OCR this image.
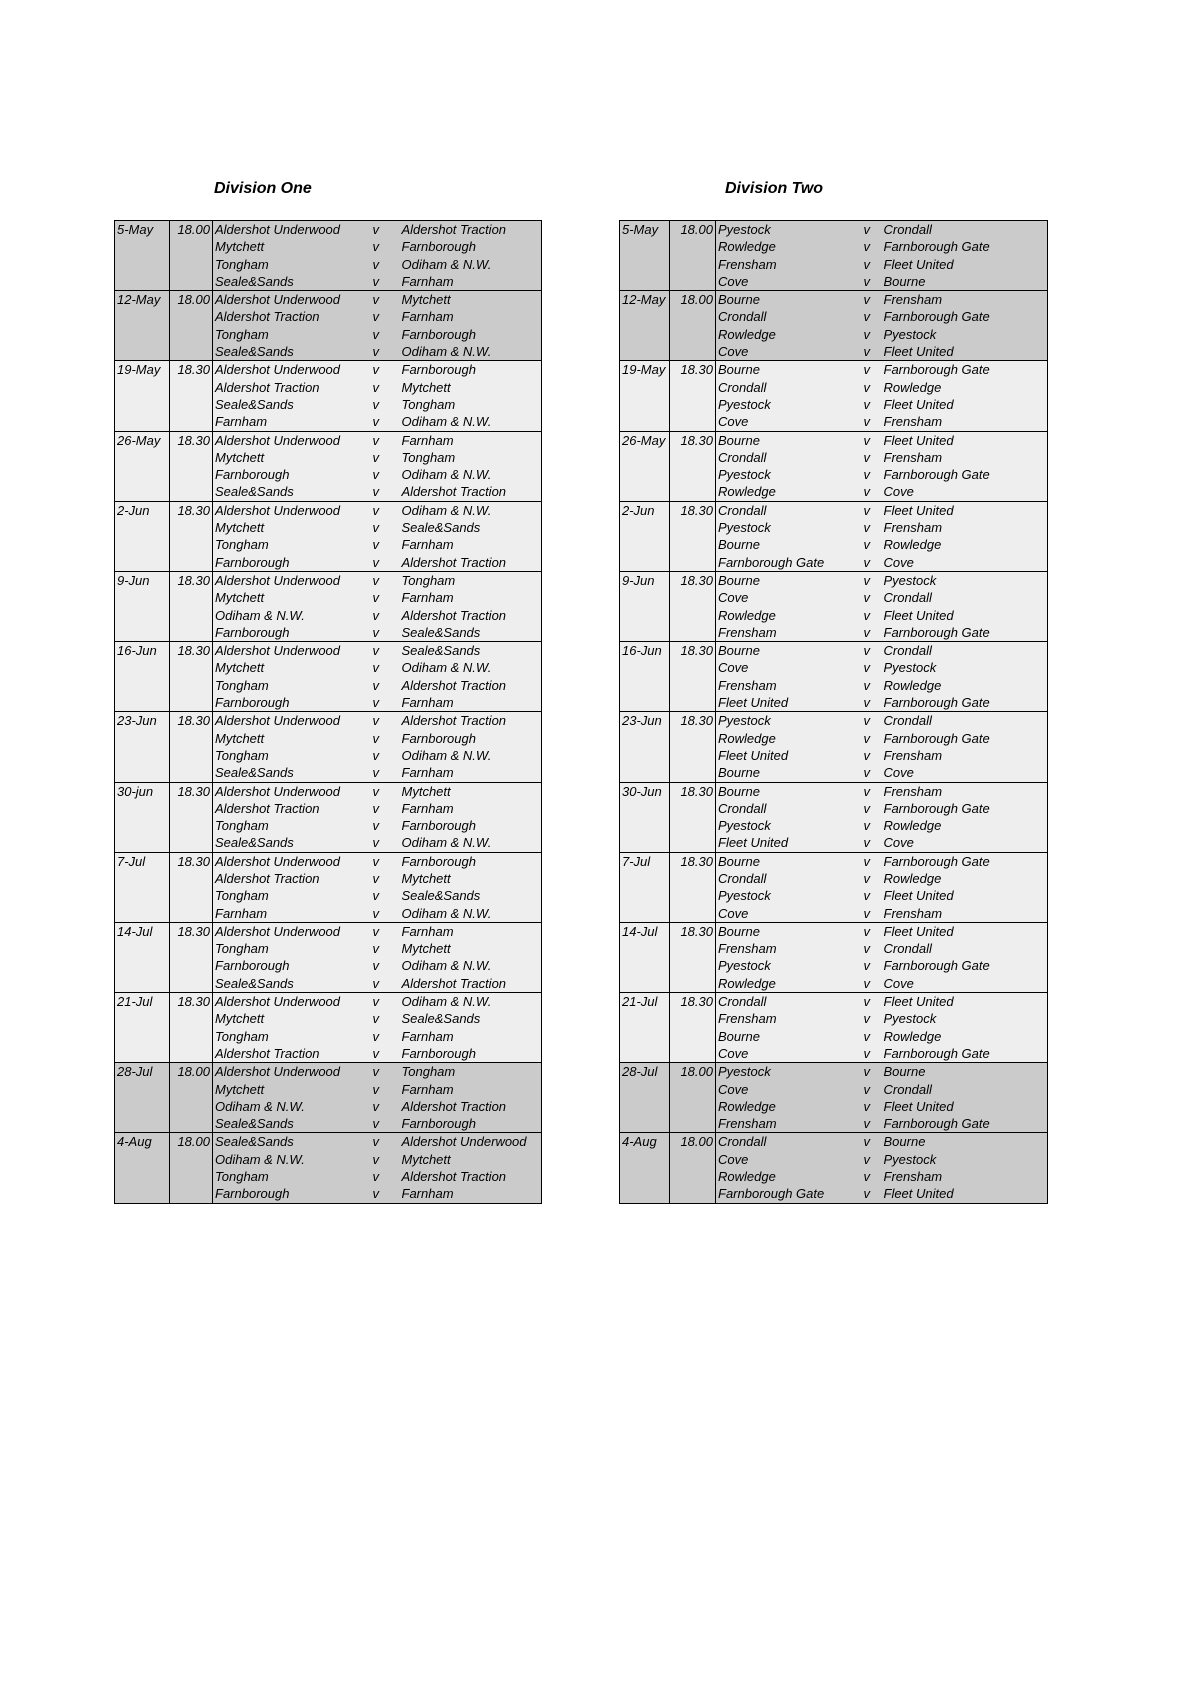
Division One
5-May	18.00	Aldershot Underwood	v	Aldershot Traction
		Mytchett	v	Farnborough
		Tongham	v	Odiham & N.W.
		Seale&Sands	v	Farnham
12-May	18.00	Aldershot Underwood	v	Mytchett
		Aldershot Traction	v	Farnham
		Tongham	v	Farnborough
		Seale&Sands	v	Odiham & N.W.
19-May	18.30	Aldershot Underwood	v	Farnborough
		Aldershot Traction	v	Mytchett
		Seale&Sands	v	Tongham
		Farnham	v	Odiham & N.W.
26-May	18.30	Aldershot Underwood	v	Farnham
		Mytchett	v	Tongham
		Farnborough	v	Odiham & N.W.
		Seale&Sands	v	Aldershot Traction
2-Jun	18.30	Aldershot Underwood	v	Odiham & N.W.
		Mytchett	v	Seale&Sands
		Tongham	v	Farnham
		Farnborough	v	Aldershot Traction
9-Jun	18.30	Aldershot Underwood	v	Tongham
		Mytchett	v	Farnham
		Odiham & N.W.	v	Aldershot Traction
		Farnborough	v	Seale&Sands
16-Jun	18.30	Aldershot Underwood	v	Seale&Sands
		Mytchett	v	Odiham & N.W.
		Tongham	v	Aldershot Traction
		Farnborough	v	Farnham
23-Jun	18.30	Aldershot Underwood	v	Aldershot Traction
		Mytchett	v	Farnborough
		Tongham	v	Odiham & N.W.
		Seale&Sands	v	Farnham
30-jun	18.30	Aldershot Underwood	v	Mytchett
		Aldershot Traction	v	Farnham
		Tongham	v	Farnborough
		Seale&Sands	v	Odiham & N.W.
7-Jul	18.30	Aldershot Underwood	v	Farnborough
		Aldershot Traction	v	Mytchett
		Tongham	v	Seale&Sands
		Farnham	v	Odiham & N.W.
14-Jul	18.30	Aldershot Underwood	v	Farnham
		Tongham	v	Mytchett
		Farnborough	v	Odiham & N.W.
		Seale&Sands	v	Aldershot Traction
21-Jul	18.30	Aldershot Underwood	v	Odiham & N.W.
		Mytchett	v	Seale&Sands
		Tongham	v	Farnham
		Aldershot Traction	v	Farnborough
28-Jul	18.00	Aldershot Underwood	v	Tongham
		Mytchett	v	Farnham
		Odiham & N.W.	v	Aldershot Traction
		Seale&Sands	v	Farnborough
4-Aug	18.00	Seale&Sands	v	Aldershot Underwood
		Odiham & N.W.	v	Mytchett
		Tongham	v	Aldershot Traction
		Farnborough	v	Farnham
Division Two
5-May	18.00	Pyestock	v	Crondall
		Rowledge	v	Farnborough Gate
		Frensham	v	Fleet United
		Cove	v	Bourne
12-May	18.00	Bourne	v	Frensham
		Crondall	v	Farnborough Gate
		Rowledge	v	Pyestock
		Cove	v	Fleet United
19-May	18.30	Bourne	v	Farnborough Gate
		Crondall	v	Rowledge
		Pyestock	v	Fleet United
		Cove	v	Frensham
26-May	18.30	Bourne	v	Fleet United
		Crondall	v	Frensham
		Pyestock	v	Farnborough Gate
		Rowledge	v	Cove
2-Jun	18.30	Crondall	v	Fleet United
		Pyestock	v	Frensham
		Bourne	v	Rowledge
		Farnborough Gate	v	Cove
9-Jun	18.30	Bourne	v	Pyestock
		Cove	v	Crondall
		Rowledge	v	Fleet United
		Frensham	v	Farnborough Gate
16-Jun	18.30	Bourne	v	Crondall
		Cove	v	Pyestock
		Frensham	v	Rowledge
		Fleet United	v	Farnborough Gate
23-Jun	18.30	Pyestock	v	Crondall
		Rowledge	v	Farnborough Gate
		Fleet United	v	Frensham
		Bourne	v	Cove
30-Jun	18.30	Bourne	v	Frensham
		Crondall	v	Farnborough Gate
		Pyestock	v	Rowledge
		Fleet United	v	Cove
7-Jul	18.30	Bourne	v	Farnborough Gate
		Crondall	v	Rowledge
		Pyestock	v	Fleet United
		Cove	v	Frensham
14-Jul	18.30	Bourne	v	Fleet United
		Frensham	v	Crondall
		Pyestock	v	Farnborough Gate
		Rowledge	v	Cove
21-Jul	18.30	Crondall	v	Fleet United
		Frensham	v	Pyestock
		Bourne	v	Rowledge
		Cove	v	Farnborough Gate
28-Jul	18.00	Pyestock	v	Bourne
		Cove	v	Crondall
		Rowledge	v	Fleet United
		Frensham	v	Farnborough Gate
4-Aug	18.00	Crondall	v	Bourne
		Cove	v	Pyestock
		Rowledge	v	Frensham
		Farnborough Gate	v	Fleet United
